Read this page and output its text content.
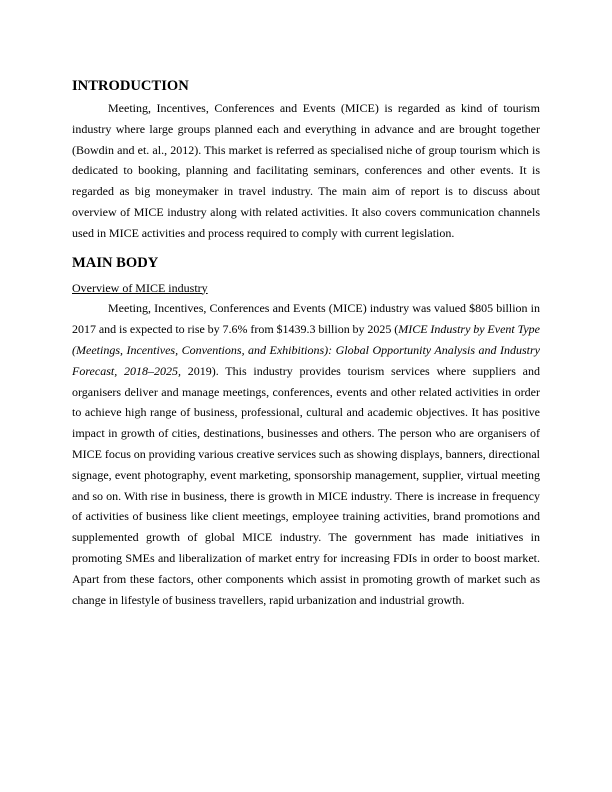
INTRODUCTION

Meeting, Incentives, Conferences and Events (MICE) is regarded as kind of tourism industry where large groups planned each and everything in advance and are brought together (Bowdin and et. al., 2012). This market is referred as specialised niche of group tourism which is dedicated to booking, planning and facilitating seminars, conferences and other events. It is regarded as big moneymaker in travel industry. The main aim of report is to discuss about overview of MICE industry along with related activities. It also covers communication channels used in MICE activities and process required to comply with current legislation.

MAIN BODY

Overview of MICE industry

Meeting, Incentives, Conferences and Events (MICE) industry was valued $805 billion in 2017 and is expected to rise by 7.6% from $1439.3 billion by 2025 (MICE Industry by Event Type (Meetings, Incentives, Conventions, and Exhibitions): Global Opportunity Analysis and Industry Forecast, 2018–2025, 2019). This industry provides tourism services where suppliers and organisers deliver and manage meetings, conferences, events and other related activities in order to achieve high range of business, professional, cultural and academic objectives. It has positive impact in growth of cities, destinations, businesses and others. The person who are organisers of MICE focus on providing various creative services such as showing displays, banners, directional signage, event photography, event marketing, sponsorship management, supplier, virtual meeting and so on. With rise in business, there is growth in MICE industry. There is increase in frequency of activities of business like client meetings, employee training activities, brand promotions and supplemented growth of global MICE industry. The government has made initiatives in promoting SMEs and liberalization of market entry for increasing FDIs in order to boost market. Apart from these factors, other components which assist in promoting growth of market such as change in lifestyle of business travellers, rapid urbanization and industrial growth.
